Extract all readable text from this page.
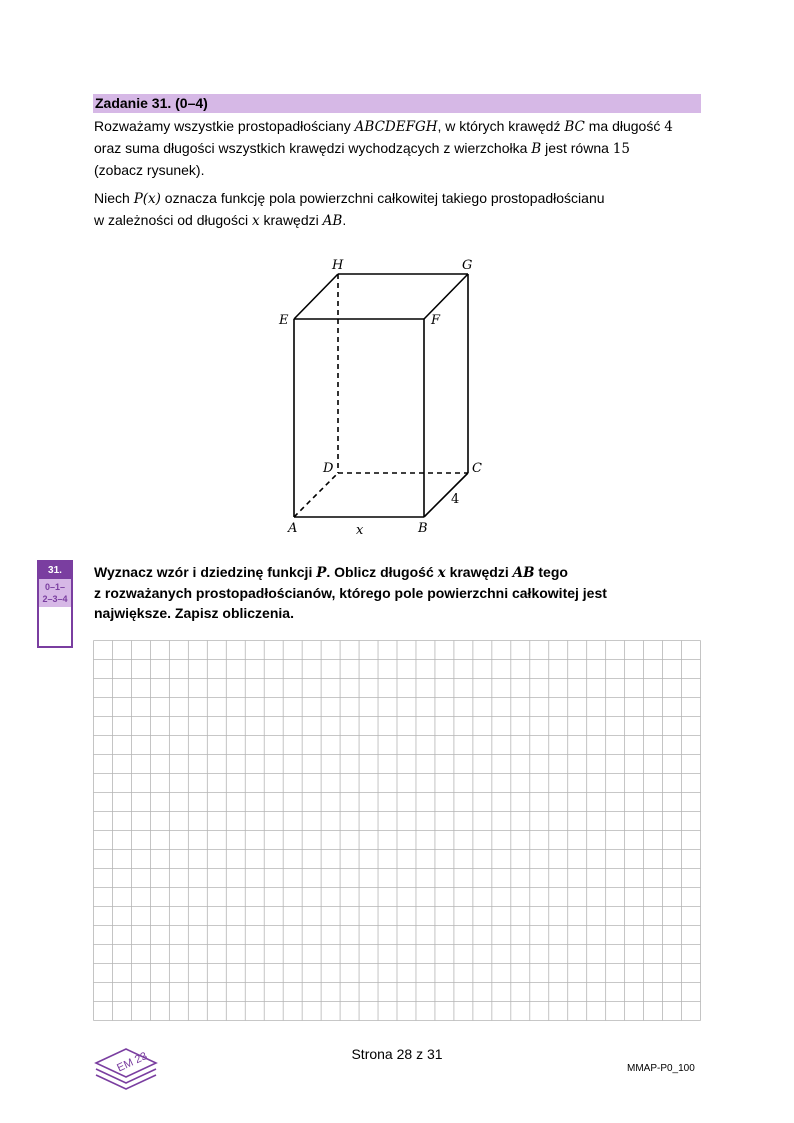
Zadanie 31. (0–4)
Rozważamy wszystkie prostopadłościany ABCDEFGH, w których krawędź BC ma długość 4
oraz suma długości wszystkich krawędzi wychodzących z wierzchołka B jest równa 15
(zobacz rysunek).
Niech P(x) oznacza funkcję pola powierzchni całkowitej takiego prostopadłościanu
w zależności od długości x krawędzi AB.
H	G
E	F
D	C
A	B
x
4
31.
0–1–
2–3–4
Wyznacz wzór i dziedzinę funkcji P. Oblicz długość x krawędzi AB tego
z rozważanych prostopadłościanów, którego pole powierzchni całkowitej jest
największe. Zapisz obliczenia.
EM 23	Strona 28 z 31
MMAP-P0_100
